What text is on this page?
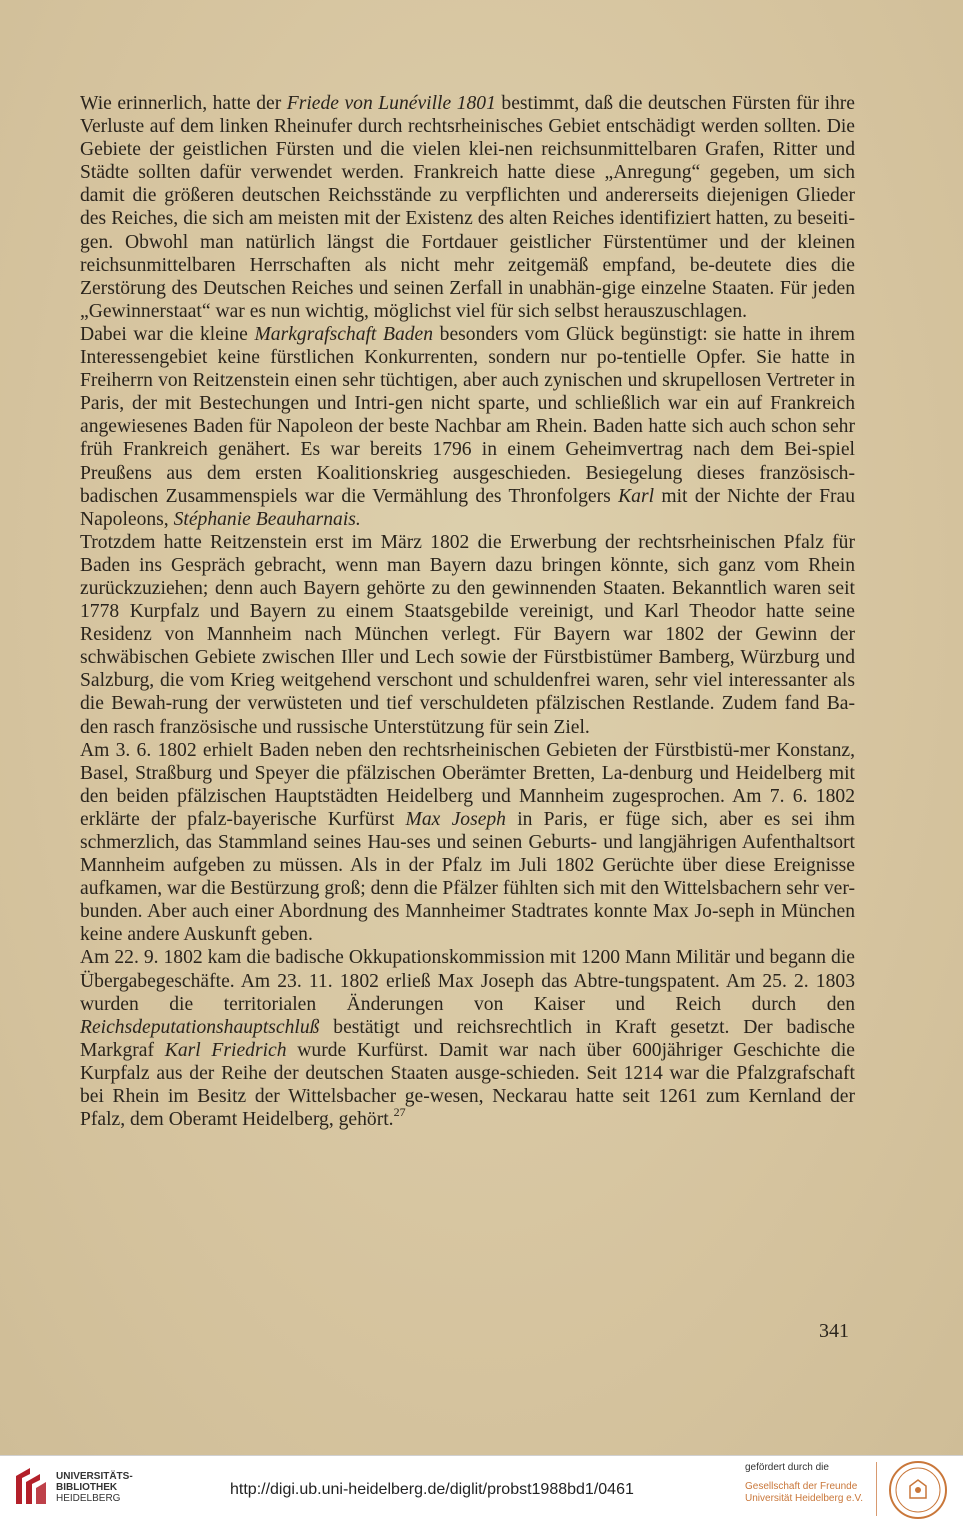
Wie erinnerlich, hatte der Friede von Lunéville 1801 bestimmt, daß die deutschen Fürsten für ihre Verluste auf dem linken Rheinufer durch rechtsrheinisches Gebiet entschädigt werden sollten. Die Gebiete der geistlichen Fürsten und die vielen klei-nen reichsunmittelbaren Grafen, Ritter und Städte sollten dafür verwendet werden. Frankreich hatte diese „Anregung“ gegeben, um sich damit die größeren deutschen Reichsstände zu verpflichten und andererseits diejenigen Glieder des Reiches, die sich am meisten mit der Existenz des alten Reiches identifiziert hatten, zu beseiti-gen. Obwohl man natürlich längst die Fortdauer geistlicher Fürstentümer und der kleinen reichsunmittelbaren Herrschaften als nicht mehr zeitgemäß empfand, be-deutete dies die Zerstörung des Deutschen Reiches und seinen Zerfall in unabhän-gige einzelne Staaten. Für jeden „Gewinnerstaat“ war es nun wichtig, möglichst viel für sich selbst herauszuschlagen.

Dabei war die kleine Markgrafschaft Baden besonders vom Glück begünstigt: sie hatte in ihrem Interessengebiet keine fürstlichen Konkurrenten, sondern nur po-tentielle Opfer. Sie hatte in Freiherrn von Reitzenstein einen sehr tüchtigen, aber auch zynischen und skrupellosen Vertreter in Paris, der mit Bestechungen und Intri-gen nicht sparte, und schließlich war ein auf Frankreich angewiesenes Baden für Napoleon der beste Nachbar am Rhein. Baden hatte sich auch schon sehr früh Frankreich genähert. Es war bereits 1796 in einem Geheimvertrag nach dem Bei-spiel Preußens aus dem ersten Koalitionskrieg ausgeschieden. Besiegelung dieses französisch-badischen Zusammenspiels war die Vermählung des Thronfolgers Karl mit der Nichte der Frau Napoleons, Stéphanie Beauharnais.

Trotzdem hatte Reitzenstein erst im März 1802 die Erwerbung der rechtsrheinischen Pfalz für Baden ins Gespräch gebracht, wenn man Bayern dazu bringen könnte, sich ganz vom Rhein zurückzuziehen; denn auch Bayern gehörte zu den gewinnenden Staaten. Bekanntlich waren seit 1778 Kurpfalz und Bayern zu einem Staatsgebilde vereinigt, und Karl Theodor hatte seine Residenz von Mannheim nach München verlegt. Für Bayern war 1802 der Gewinn der schwäbischen Gebiete zwischen Iller und Lech sowie der Fürstbistümer Bamberg, Würzburg und Salzburg, die vom Krieg weitgehend verschont und schuldenfrei waren, sehr viel interessanter als die Bewah-rung der verwüsteten und tief verschuldeten pfälzischen Restlande. Zudem fand Ba-den rasch französische und russische Unterstützung für sein Ziel.

Am 3. 6. 1802 erhielt Baden neben den rechtsrheinischen Gebieten der Fürstbistü-mer Konstanz, Basel, Straßburg und Speyer die pfälzischen Oberämter Bretten, La-denburg und Heidelberg mit den beiden pfälzischen Hauptstädten Heidelberg und Mannheim zugesprochen. Am 7. 6. 1802 erklärte der pfalz-bayerische Kurfürst Max Joseph in Paris, er füge sich, aber es sei ihm schmerzlich, das Stammland seines Hau-ses und seinen Geburts- und langjährigen Aufenthaltsort Mannheim aufgeben zu müssen. Als in der Pfalz im Juli 1802 Gerüchte über diese Ereignisse aufkamen, war die Bestürzung groß; denn die Pfälzer fühlten sich mit den Wittelsbachern sehr ver-bunden. Aber auch einer Abordnung des Mannheimer Stadtrates konnte Max Jo-seph in München keine andere Auskunft geben.

Am 22. 9. 1802 kam die badische Okkupationskommission mit 1200 Mann Militär und begann die Übergabegeschäfte. Am 23. 11. 1802 erließ Max Joseph das Abtre-tungspatent. Am 25. 2. 1803 wurden die territorialen Änderungen von Kaiser und Reich durch den Reichsdeputationshauptschluß bestätigt und reichsrechtlich in Kraft gesetzt. Der badische Markgraf Karl Friedrich wurde Kurfürst. Damit war nach über 600jähriger Geschichte die Kurpfalz aus der Reihe der deutschen Staaten ausge-schieden. Seit 1214 war die Pfalzgrafschaft bei Rhein im Besitz der Wittelsbacher ge-wesen, Neckarau hatte seit 1261 zum Kernland der Pfalz, dem Oberamt Heidelberg, gehört.$^{27}$

341
UNIVERSITÄTS-
BIBLIOTHEK
HEIDELBERG
http://digi.ub.uni-heidelberg.de/diglit/probst1988bd1/0461
gefördert durch die
Gesellschaft der Freunde
Universität Heidelberg e.V.
